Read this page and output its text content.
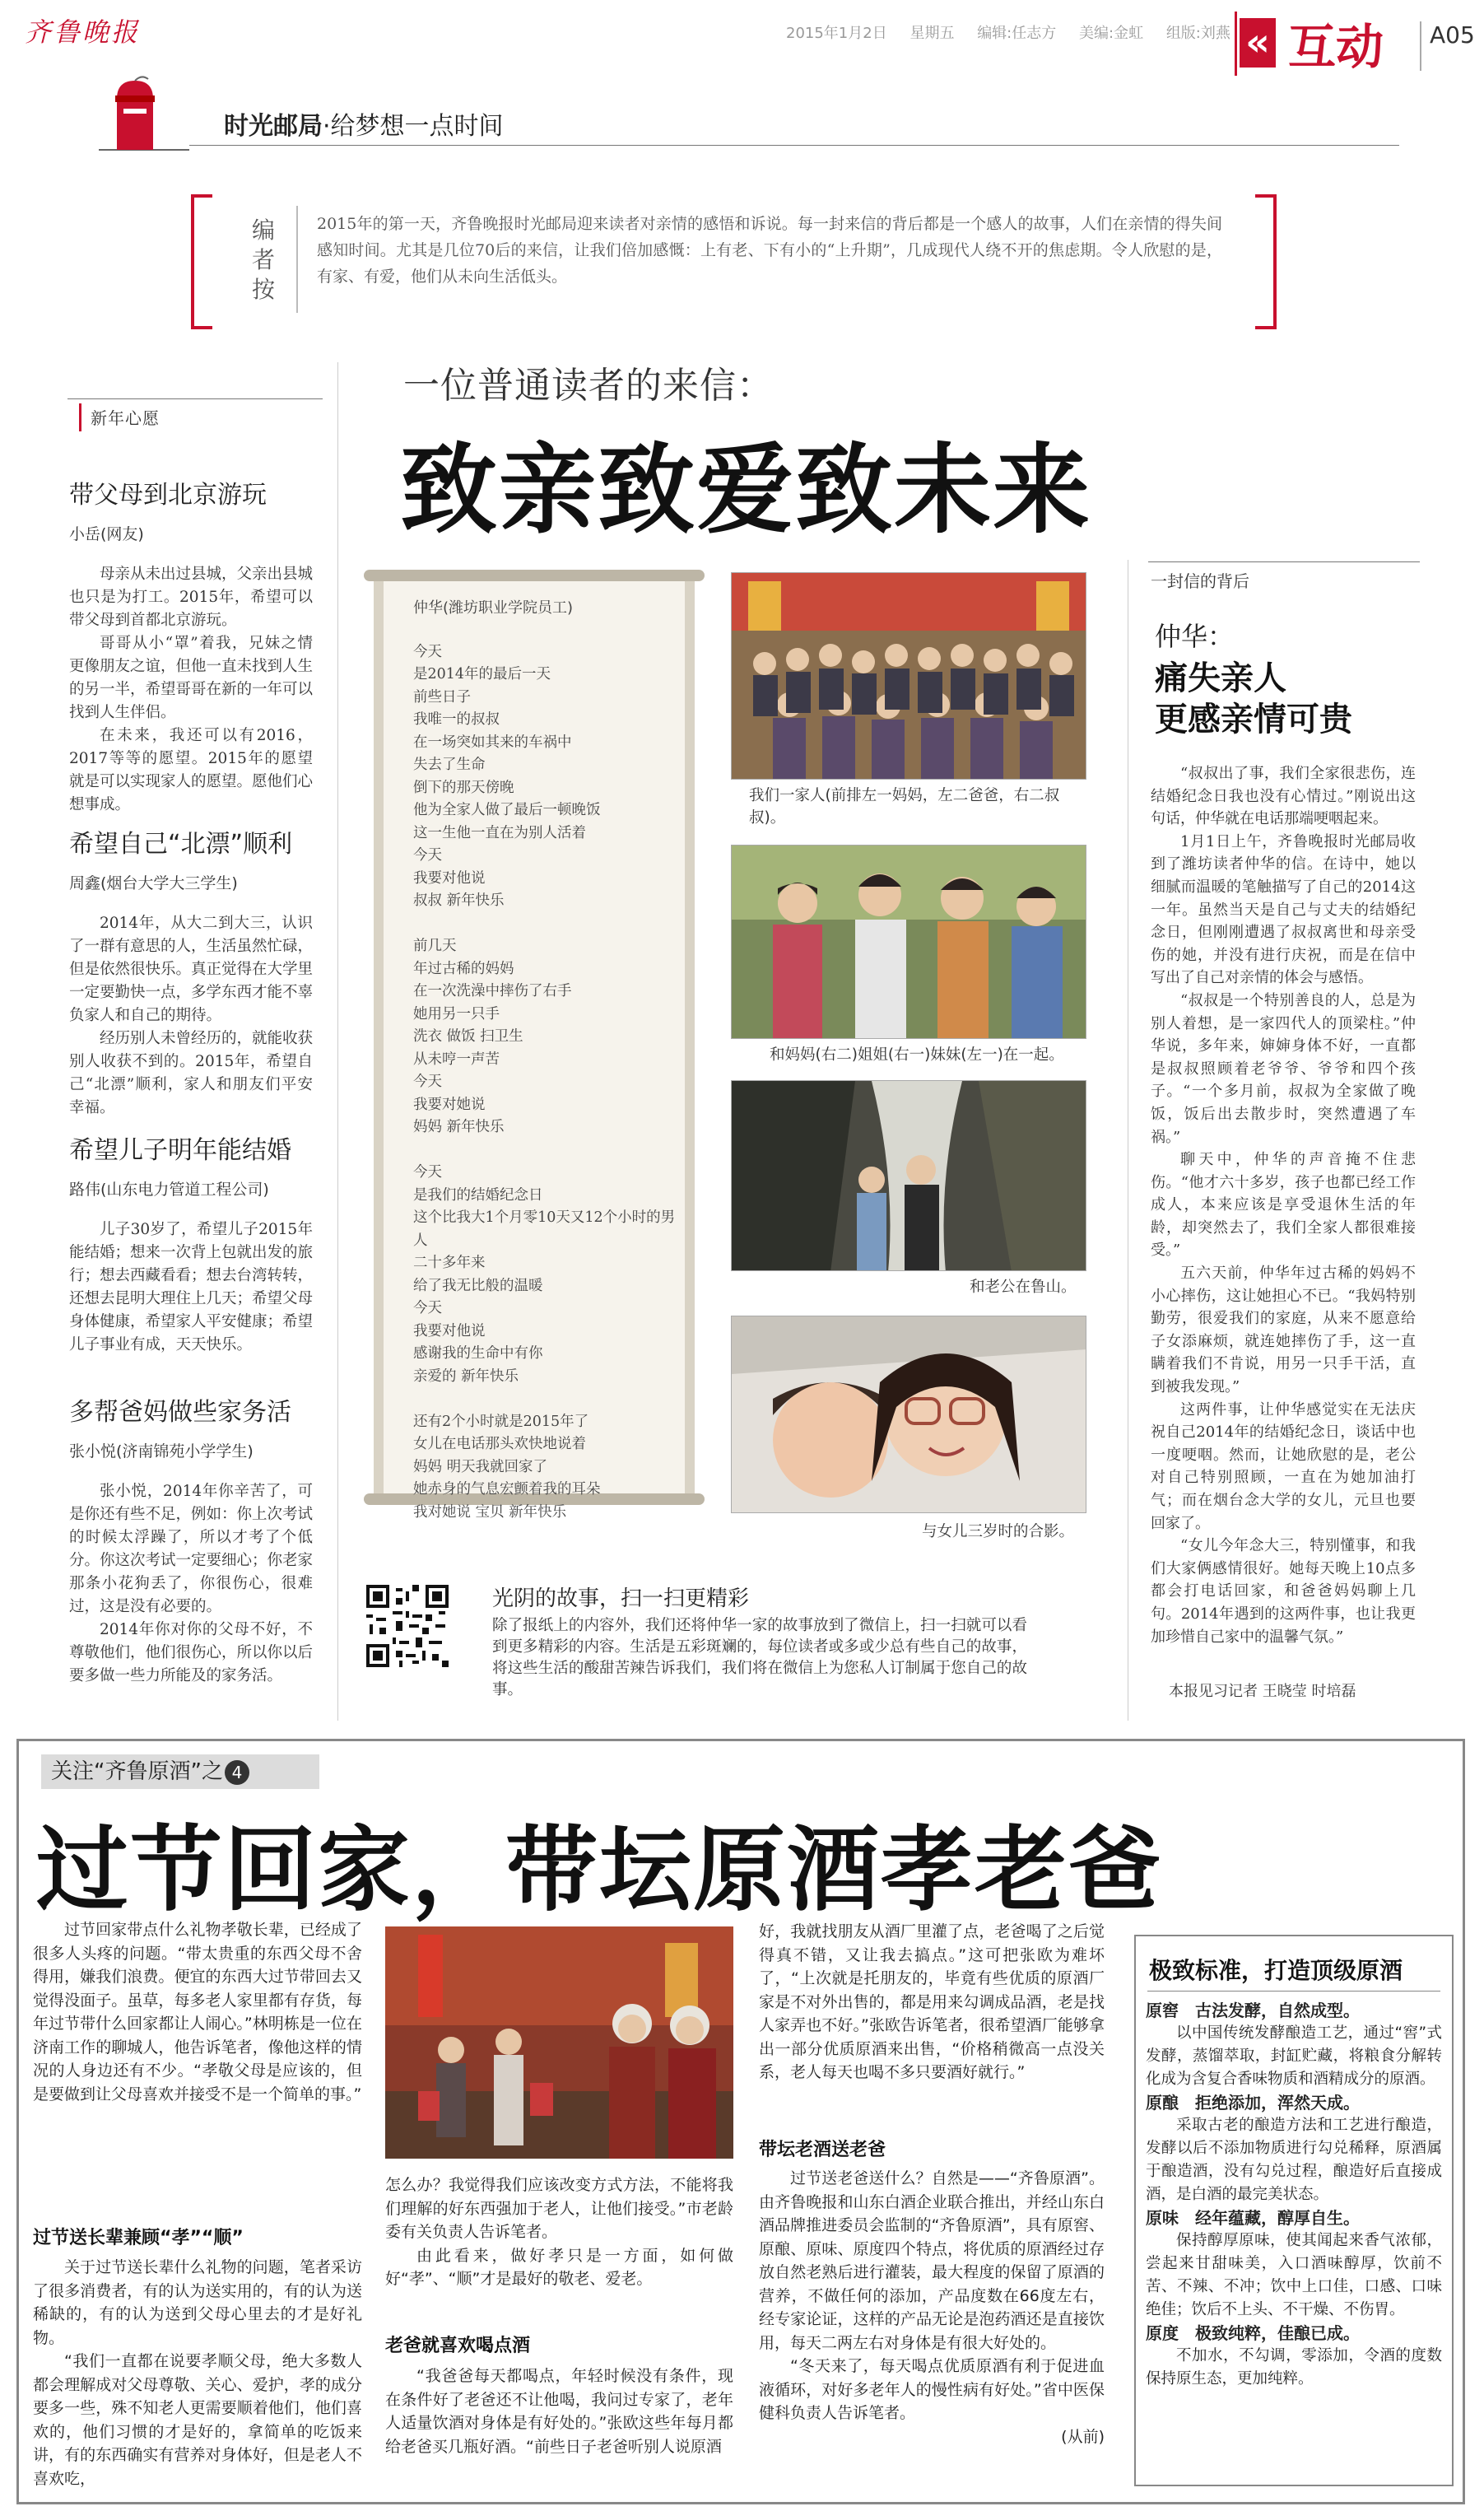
齐鲁晚报	2015年1月2日 星期五 编辑:任志方 美编:金虹 组版:刘燕 « 互动	A05
时光邮局·给梦想一点时间
编者按
2015年的第一天，齐鲁晚报时光邮局迎来读者对亲情的感悟和诉说。每一封来信的背后都是一个感人的故事，人们在亲情的得失间感知时间。尤其是几位70后的来信，让我们倍加感慨：上有老、下有小的“上升期”，几成现代人绕不开的焦虑期。令人欣慰的是，有家、有爱，他们从未向生活低头。
新年心愿
带父母到北京游玩
小岳(网友)

母亲从未出过县城，父亲出县城也只是为打工。2015年，希望可以带父母到首都北京游玩。

哥哥从小“罩”着我，兄妹之情更像朋友之谊，但他一直未找到人生的另一半，希望哥哥在新的一年可以找到人生伴侣。

在未来，我还可以有2016，2017等等的愿望。2015年的愿望就是可以实现家人的愿望。愿他们心想事成。

希望自己“北漂”顺利
周鑫(烟台大学大三学生)

2014年，从大二到大三，认识了一群有意思的人，生活虽然忙碌，但是依然很快乐。真正觉得在大学里一定要勤快一点，多学东西才能不辜负家人和自己的期待。

经历别人未曾经历的，就能收获别人收获不到的。2015年，希望自己“北漂”顺利，家人和朋友们平安幸福。

希望儿子明年能结婚
路伟(山东电力管道工程公司)

儿子30岁了，希望儿子2015年能结婚；想来一次背上包就出发的旅行；想去西藏看看；想去台湾转转，还想去昆明大理住上几天；希望父母身体健康，希望家人平安健康；希望儿子事业有成，天天快乐。

多帮爸妈做些家务活
张小悦(济南锦苑小学学生)

张小悦，2014年你辛苦了，可是你还有些不足，例如：你上次考试的时候太浮躁了，所以才考了个低分。你这次考试一定要细心；你老家那条小花狗丢了，你很伤心，很难过，这是没有必要的。

2014年你对你的父母不好，不尊敬他们，他们很伤心，所以你以后要多做一些力所能及的家务活。

一位普通读者的来信：
致亲致爱致未来
仲华(潍坊职业学院员工)
今天
是2014年的最后一天
前些日子
我唯一的叔叔
在一场突如其来的车祸中
失去了生命
倒下的那天傍晚
他为全家人做了最后一顿晚饭
这一生他一直在为别人活着
今天
我要对他说
叔叔 新年快乐

前几天
年过古稀的妈妈
在一次洗澡中摔伤了右手
她用另一只手
洗衣 做饭 扫卫生
从未哼一声苦
今天
我要对她说
妈妈 新年快乐

今天
是我们的结婚纪念日
这个比我大1个月零10天又12个小时的男人
二十多年来
给了我无比般的温暖
今天
我要对他说
感谢我的生命中有你
亲爱的 新年快乐

还有2个小时就是2015年了
女儿在电话那头欢快地说着
妈妈 明天我就回家了
她赤身的气息宏颤着我的耳朵
我对她说 宝贝 新年快乐
我们一家人(前排左一妈妈，左二爸爸，右二叔叔)。
和妈妈(右二)姐姐(右一)妹妹(左一)在一起。
和老公在鲁山。
与女儿三岁时的合影。
一封信的背后
仲华：
痛失亲人
更感亲情可贵

“叔叔出了事，我们全家很悲伤，连结婚纪念日我也没有心情过。”刚说出这句话，仲华就在电话那端哽咽起来。

1月1日上午，齐鲁晚报时光邮局收到了潍坊读者仲华的信。在诗中，她以细腻而温暖的笔触描写了自己的2014这一年。虽然当天是自己与丈夫的结婚纪念日，但刚刚遭遇了叔叔离世和母亲受伤的她，并没有进行庆祝，而是在信中写出了自己对亲情的体会与感悟。

“叔叔是一个特别善良的人，总是为别人着想，是一家四代人的顶梁柱。”仲华说，多年来，婶婶身体不好，一直都是叔叔照顾着老爷爷、爷爷和四个孩子。“一个多月前，叔叔为全家做了晚饭，饭后出去散步时，突然遭遇了车祸。”

聊天中，仲华的声音掩不住悲伤。“他才六十多岁，孩子也都已经工作成人，本来应该是享受退休生活的年龄，却突然去了，我们全家人都很难接受。”

五六天前，仲华年过古稀的妈妈不小心摔伤，这让她担心不已。“我妈特别勤劳，很爱我们的家庭，从来不愿意给子女添麻烦，就连她摔伤了手，这一直瞒着我们不肯说，用另一只手干活，直到被我发现。”

这两件事，让仲华感觉实在无法庆祝自己2014年的结婚纪念日，谈话中也一度哽咽。然而，让她欣慰的是，老公对自己特别照顾，一直在为她加油打气；而在烟台念大学的女儿，元旦也要回家了。

“女儿今年念大三，特别懂事，和我们大家俩感情很好。她每天晚上10点多都会打电话回家，和爸爸妈妈聊上几句。2014年遇到的这两件事，也让我更加珍惜自己家中的温馨气氛。”

本报见习记者 王晓莹 时培磊
光阴的故事，扫一扫更精彩
除了报纸上的内容外，我们还将仲华一家的故事放到了微信上，扫一扫就可以看到更多精彩的内容。生活是五彩斑斓的，每位读者或多或少总有些自己的故事，将这些生活的酸甜苦辣告诉我们，我们将在微信上为您私人订制属于您自己的故事。
关注“齐鲁原酒”之 4
过节回家，带坛原酒孝老爸

过节回家带点什么礼物孝敬长辈，已经成了很多人头疼的问题。“带太贵重的东西父母不舍得用，嫌我们浪费。便宜的东西大过节带回去又觉得没面子。虽草，每多老人家里都有存货，每年过节带什么回家都让人闹心。”林明栋是一位在济南工作的聊城人，他告诉笔者，像他这样的情况的人身边还有不少。“孝敬父母是应该的，但是要做到让父母喜欢并接受不是一个简单的事。”

过节送长辈兼顾“孝”“顺”

关于过节送长辈什么礼物的问题，笔者采访了很多消费者，有的认为送实用的，有的认为送稀缺的，有的认为送到父母心里去的才是好礼物。

“我们一直都在说要孝顺父母，绝大多数人都会理解成对父母尊敬、关心、爱护，孝的成分要多一些，殊不知老人更需要顺着他们，他们喜欢的，他们习惯的才是好的，拿简单的吃饭来讲，有的东西确实有营养对身体好，但是老人不喜欢吃，

怎么办？我觉得我们应该改变方式方法，不能将我们理解的好东西强加于老人，让他们接受。”市老龄委有关负责人告诉笔者。

由此看来，做好孝只是一方面，如何做好“孝”、“顺”才是最好的敬老、爱老。

老爸就喜欢喝点酒

“我爸爸每天都喝点，年轻时候没有条件，现在条件好了老爸还不让他喝，我问过专家了，老年人适量饮酒对身体是有好处的。”张欧这些年每月都给老爸买几瓶好酒。“前些日子老爸听别人说原酒

好，我就找朋友从酒厂里灌了点，老爸喝了之后觉得真不错，又让我去搞点。”这可把张欧为难坏了，“上次就是托朋友的，毕竟有些优质的原酒厂家是不对外出售的，都是用来勾调成品酒，老是找人家弄也不好。”张欧告诉笔者，很希望酒厂能够拿出一部分优质原酒来出售，“价格稍微高一点没关系，老人每天也喝不多只要酒好就行。”

带坛老酒送老爸

过节送老爸送什么？自然是——“齐鲁原酒”。由齐鲁晚报和山东白酒企业联合推出，并经山东白酒品牌推进委员会监制的“齐鲁原酒”，具有原窖、原酿、原味、原度四个特点，将优质的原酒经过存放自然老熟后进行灌装，最大程度的保留了原酒的营养，不做任何的添加，产品度数在66度左右，经专家论证，这样的产品无论是泡药酒还是直接饮用，每天二两左右对身体是有很大好处的。

“冬天来了，每天喝点优质原酒有利于促进血液循环，对好多老年人的慢性病有好处。”省中医保健科负责人告诉笔者。

(从前)

极致标准，打造顶级原酒
原窖　 古法发酵，自然成型。

以中国传统发酵酿造工艺，通过“窖”式发酵，蒸馏萃取，封缸贮藏，将粮食分解转化成为含复合香味物质和酒精成分的原酒。

原酿　 拒绝添加，浑然天成。

采取古老的酿造方法和工艺进行酿造，发酵以后不添加物质进行勾兑稀释，原酒属于酿造酒，没有勾兑过程，酿造好后直接成酒，是白酒的最完美状态。

原味　 经年蕴藏，醇厚自生。

保持醇厚原味，使其闻起来香气浓郁，尝起来甘甜味美，入口酒味醇厚，饮前不苦、不辣、不冲；饮中上口佳，口感、口味绝佳；饮后不上头、不干燥、不伤胃。

原度　 极致纯粹，佳酿已成。

不加水，不勾调，零添加，令酒的度数保持原生态，更加纯粹。
